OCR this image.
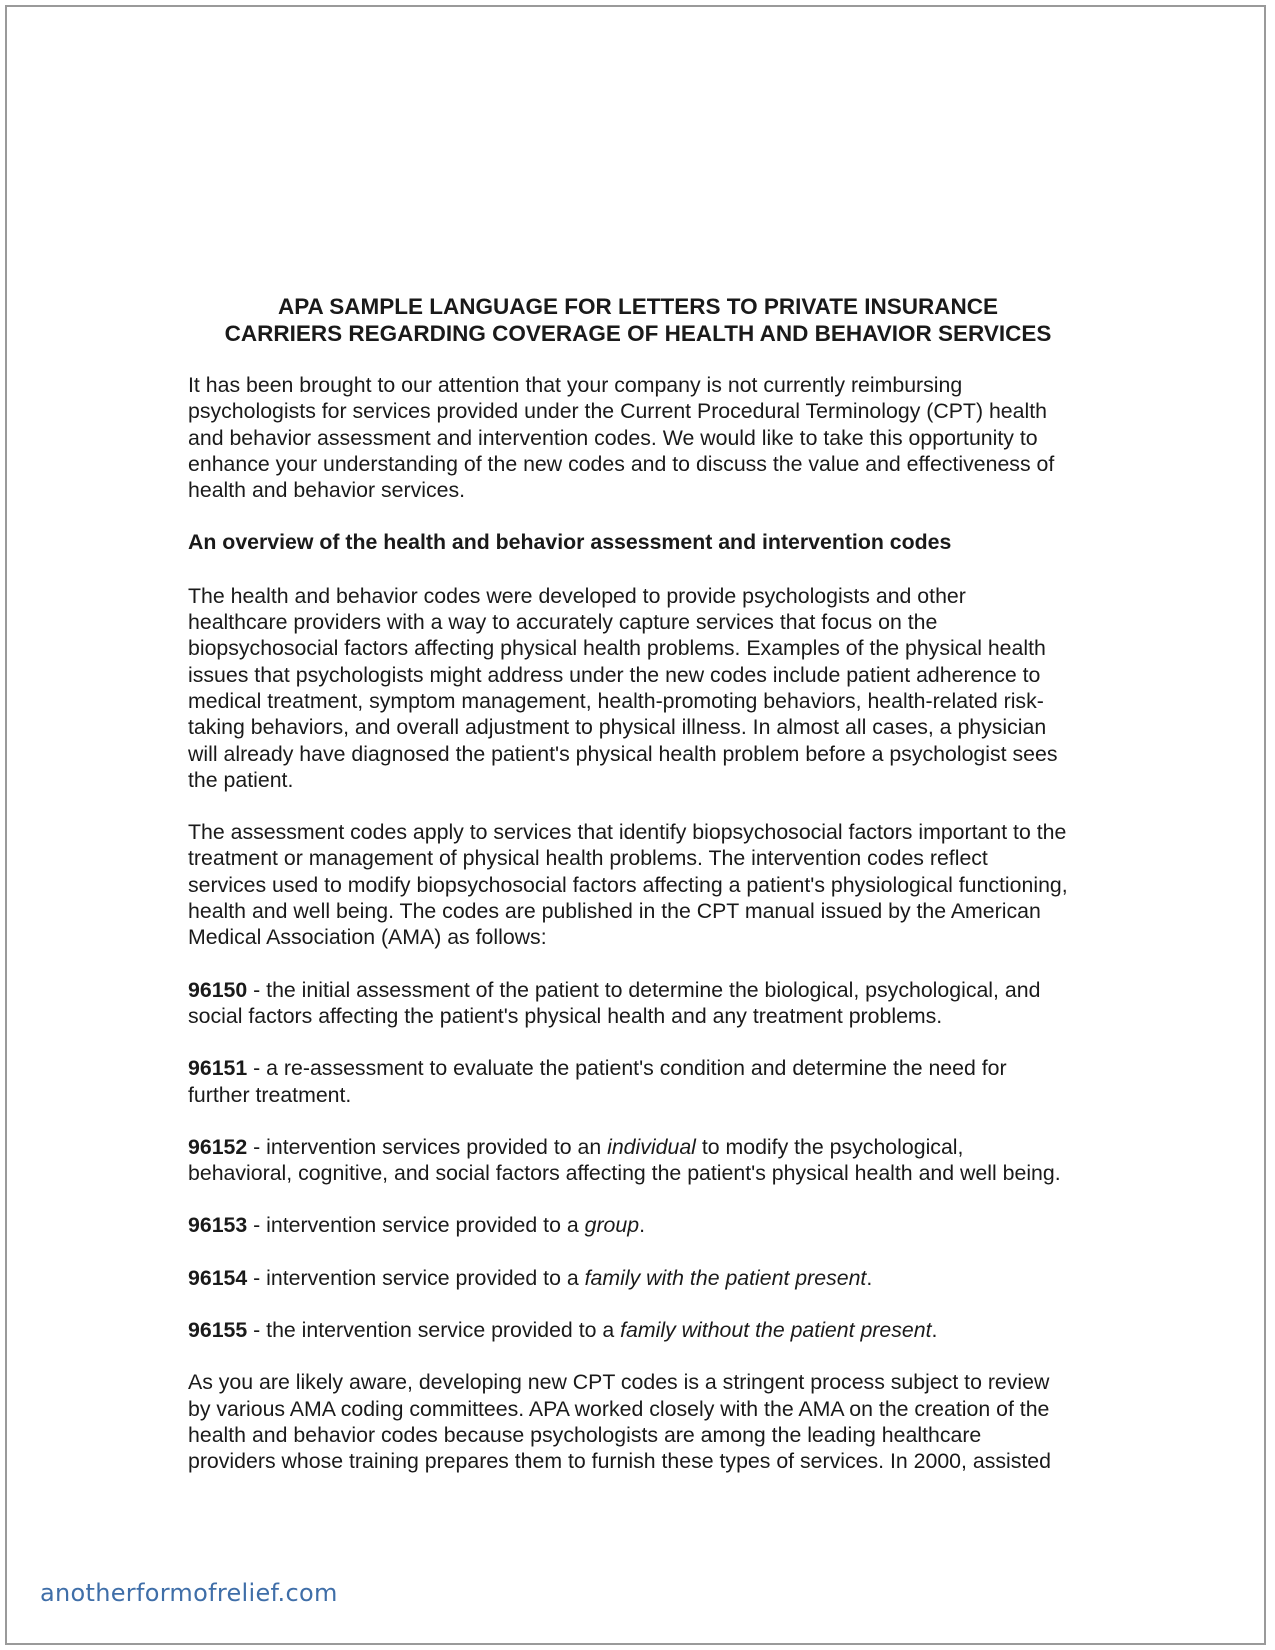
APA SAMPLE LANGUAGE FOR LETTERS TO PRIVATE INSURANCE
CARRIERS REGARDING COVERAGE OF HEALTH AND BEHAVIOR SERVICES
It has been brought to our attention that your company is not currently reimbursing
psychologists for services provided under the Current Procedural Terminology (CPT) health
and behavior assessment and intervention codes. We would like to take this opportunity to
enhance your understanding of the new codes and to discuss the value and effectiveness of
health and behavior services.
An overview of the health and behavior assessment and intervention codes
The health and behavior codes were developed to provide psychologists and other
healthcare providers with a way to accurately capture services that focus on the
biopsychosocial factors affecting physical health problems. Examples of the physical health
issues that psychologists might address under the new codes include patient adherence to
medical treatment, symptom management, health-promoting behaviors, health-related risk-
taking behaviors, and overall adjustment to physical illness. In almost all cases, a physician
will already have diagnosed the patient's physical health problem before a psychologist sees
the patient.
The assessment codes apply to services that identify biopsychosocial factors important to the
treatment or management of physical health problems. The intervention codes reflect
services used to modify biopsychosocial factors affecting a patient's physiological functioning,
health and well being. The codes are published in the CPT manual issued by the American
Medical Association (AMA) as follows:
96150 - the initial assessment of the patient to determine the biological, psychological, and
social factors affecting the patient's physical health and any treatment problems.
96151 - a re-assessment to evaluate the patient's condition and determine the need for
further treatment.
96152 - intervention services provided to an individual to modify the psychological,
behavioral, cognitive, and social factors affecting the patient's physical health and well being.
96153 - intervention service provided to a group.
96154 - intervention service provided to a family with the patient present.
96155 - the intervention service provided to a family without the patient present.
As you are likely aware, developing new CPT codes is a stringent process subject to review
by various AMA coding committees. APA worked closely with the AMA on the creation of the
health and behavior codes because psychologists are among the leading healthcare
providers whose training prepares them to furnish these types of services. In 2000, assisted
anotherformofrelief.com
